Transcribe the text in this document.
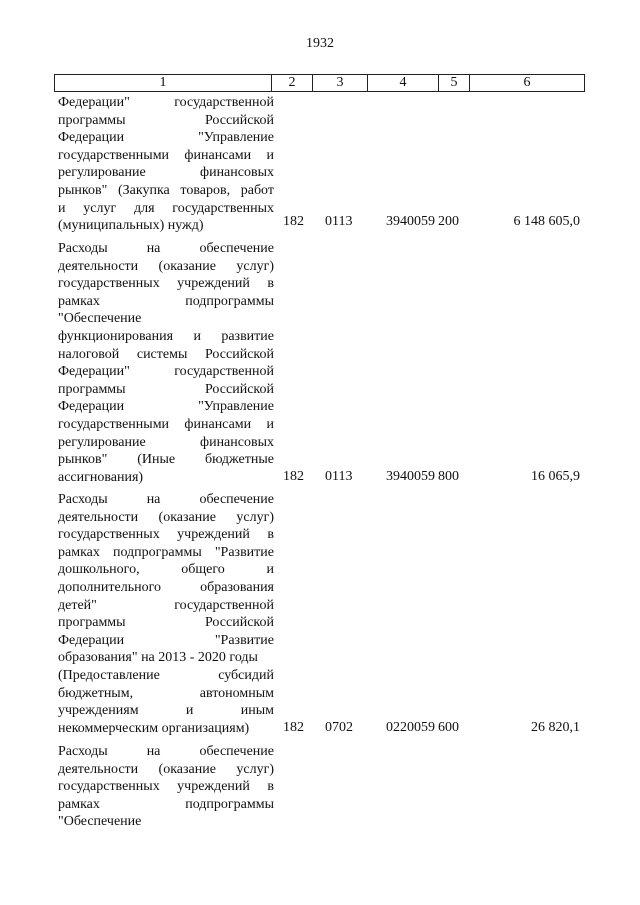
1932
1	2	3	4	5	6
Федерации" государственной
программы Российской
Федерации "Управление
государственными финансами и
регулирование финансовых
рынков" (Закупка товаров, работ
и услуг для государственных
(муниципальных) нужд)	182 0113 3940059 200	6 148 605,0
Расходы на обеспечение
деятельности (оказание услуг)
государственных учреждений в
рамках подпрограммы
"Обеспечение
функционирования и развитие
налоговой системы Российской
Федерации" государственной
программы Российской
Федерации "Управление
государственными финансами и
регулирование финансовых
рынков" (Иные бюджетные
ассигнования)	182 0113 3940059 800	16 065,9
Расходы на обеспечение
деятельности (оказание услуг)
государственных учреждений в
рамках подпрограммы "Развитие
дошкольного, общего и
дополнительного образования
детей" государственной
программы Российской
Федерации "Развитие
образования" на 2013 - 2020 годы
(Предоставление субсидий
бюджетным, автономным
учреждениям и иным
некоммерческим организациям)	182 0702 0220059 600	26 820,1
Расходы на обеспечение
деятельности (оказание услуг)
государственных учреждений в
рамках подпрограммы
"Обеспечение
